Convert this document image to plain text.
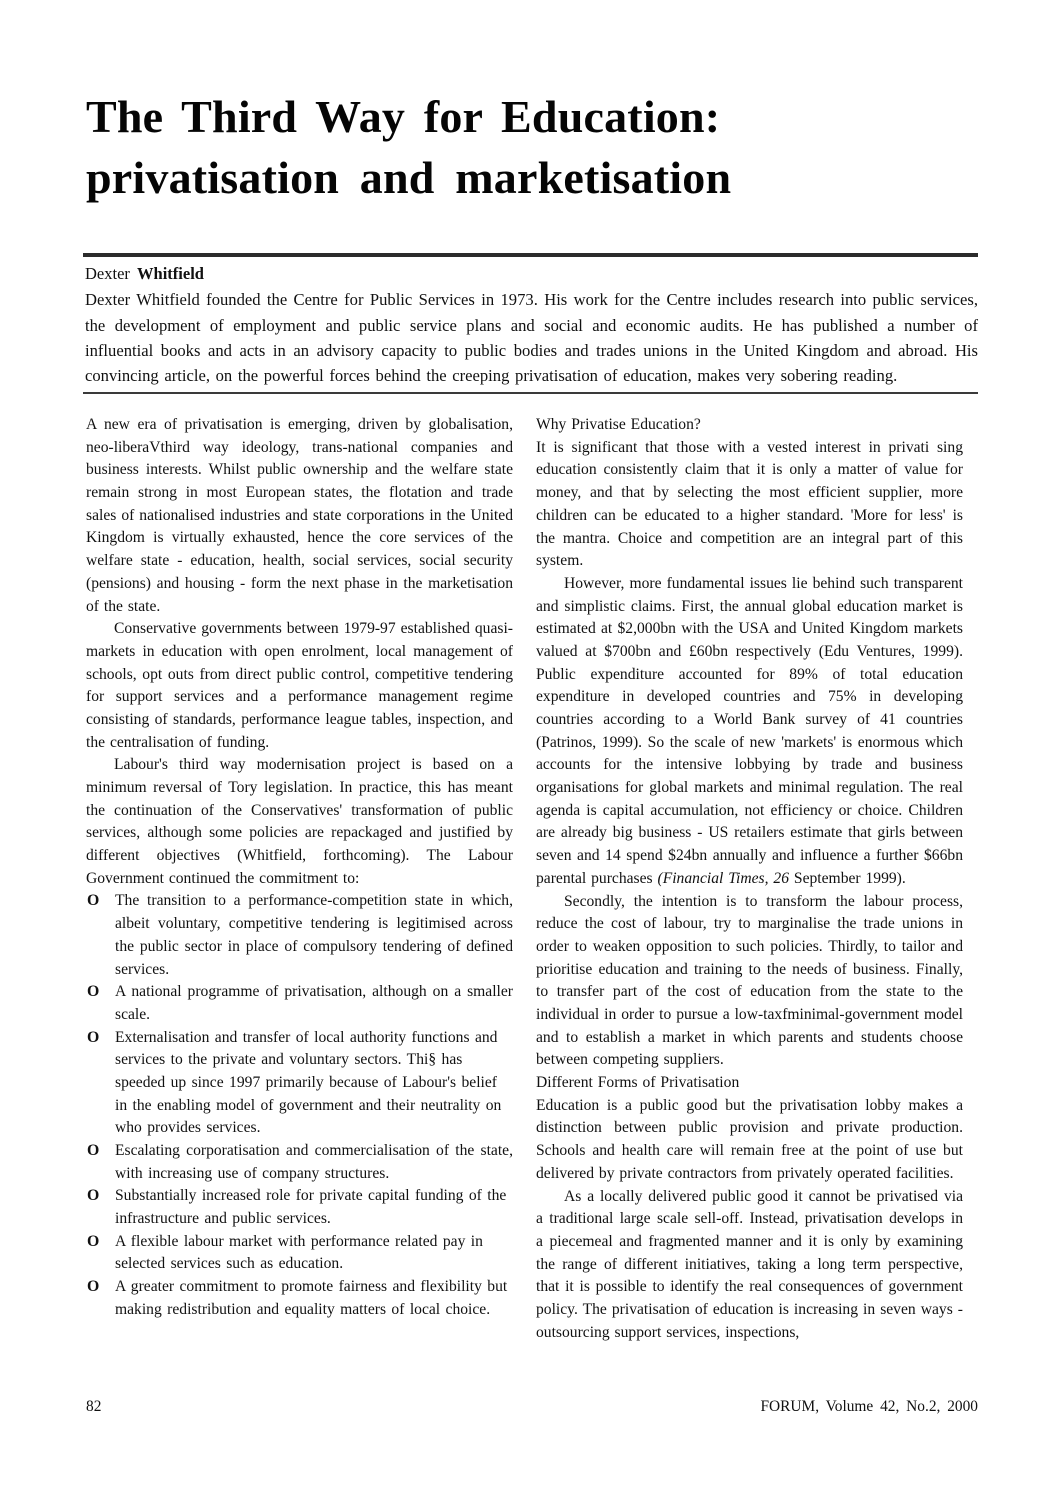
The Third Way for Education:
privatisation and marketisation
Dexter Whitfield
Dexter Whitfield founded the Centre for Public Services in 1973. His work for the Centre includes research into public services, the development of employment and public service plans and social and economic audits. He has published a number of influential books and acts in an advisory capacity to public bodies and trades unions in the United Kingdom and abroad. His convincing article, on the powerful forces behind the creeping privatisation of education, makes very sobering reading.

A new era of privatisation is emerging, driven by globalisation, neo-liberaVthird way ideology, trans-national companies and business interests. Whilst public ownership and the welfare state remain strong in most European states, the flotation and trade sales of nationalised industries and state corporations in the United Kingdom is virtually exhausted, hence the core services of the welfare state - education, health, social services, social security (pensions) and housing - form the next phase in the marketisation of the state.

Conservative governments between 1979-97 established quasi-markets in education with open enrolment, local management of schools, opt outs from direct public control, competitive tendering for support services and a performance management regime consisting of standards, performance league tables, inspection, and the centralisation of funding.

Labour's third way modernisation project is based on a minimum reversal of Tory legislation. In practice, this has meant the continuation of the Conservatives' transformation of public services, although some policies are repackaged and justified by different objectives (Whitfield, forthcoming). The Labour Government continued the commitment to:

O The transition to a performance-competition state in which, albeit voluntary, competitive tendering is legitimised across the public sector in place of compulsory tendering of defined services.
O A national programme of privatisation, although on a smaller scale.
O Externalisation and transfer of local authority functions and services to the private and voluntary sectors. Thi§ has speeded up since 1997 primarily because of Labour's belief in the enabling model of government and their neutrality on who provides services.
O Escalating corporatisation and commercialisation of the state, with increasing use of company structures.
O Substantially increased role for private capital funding of the infrastructure and public services.
O A flexible labour market with performance related pay in selected services such as education.
O A greater commitment to promote fairness and flexibility but making redistribution and equality matters of local choice.

Why Privatise Education?

It is significant that those with a vested interest in privati sing education consistently claim that it is only a matter of value for money, and that by selecting the most efficient supplier, more children can be educated to a higher standard. 'More for less' is the mantra. Choice and competition are an integral part of this system.

However, more fundamental issues lie behind such transparent and simplistic claims. First, the annual global education market is estimated at $2,000bn with the USA and United Kingdom markets valued at $700bn and £60bn respectively (Edu Ventures, 1999). Public expenditure accounted for 89% of total education expenditure in developed countries and 75% in developing countries according to a World Bank survey of 41 countries (Patrinos, 1999). So the scale of new 'markets' is enormous which accounts for the intensive lobbying by trade and business organisations for global markets and minimal regulation. The real agenda is capital accumulation, not efficiency or choice. Children are already big business - US retailers estimate that girls between seven and 14 spend $24bn annually and influence a further $66bn parental purchases (Financial Times, 26 September 1999).

Secondly, the intention is to transform the labour process, reduce the cost of labour, try to marginalise the trade unions in order to weaken opposition to such policies. Thirdly, to tailor and prioritise education and training to the needs of business. Finally, to transfer part of the cost of education from the state to the individual in order to pursue a low-taxfminimal-government model and to establish a market in which parents and students choose between competing suppliers.

Different Forms of Privatisation

Education is a public good but the privatisation lobby makes a distinction between public provision and private production. Schools and health care will remain free at the point of use but delivered by private contractors from privately operated facilities.

As a locally delivered public good it cannot be privatised via a traditional large scale sell-off. Instead, privatisation develops in a piecemeal and fragmented manner and it is only by examining the range of different initiatives, taking a long term perspective, that it is possible to identify the real consequences of government policy. The privatisation of education is increasing in seven ways - outsourcing support services, inspections,

82	FORUM, Volume 42, No.2, 2000
